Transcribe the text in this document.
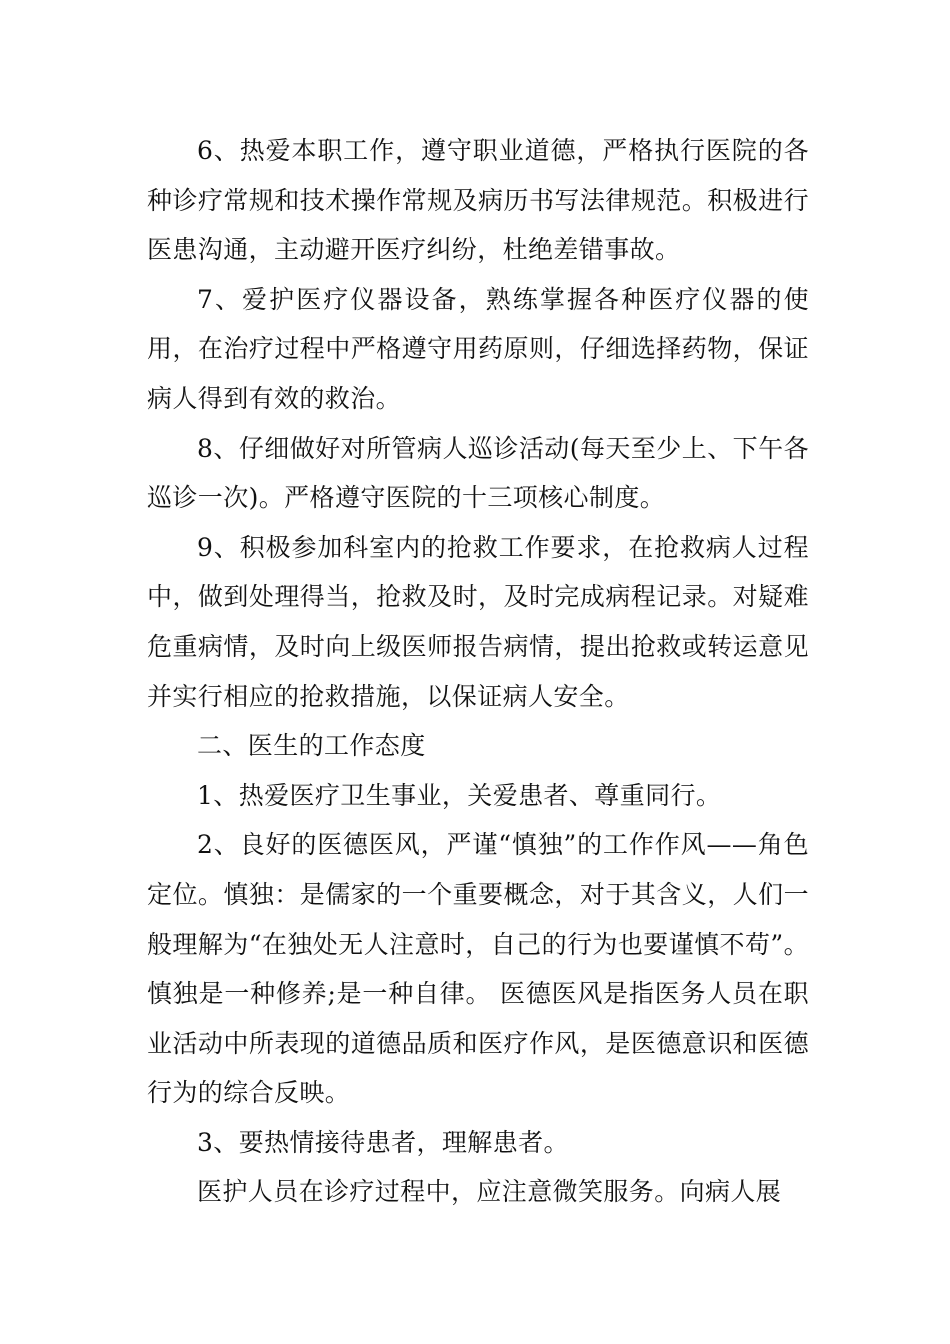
6、热爱本职工作，遵守职业道德，严格执行医院的各种诊疗常规和技术操作常规及病历书写法律规范。积极进行医患沟通，主动避开医疗纠纷，杜绝差错事故。

7、爱护医疗仪器设备，熟练掌握各种医疗仪器的使用，在治疗过程中严格遵守用药原则，仔细选择药物，保证病人得到有效的救治。

8、仔细做好对所管病人巡诊活动(每天至少上、下午各巡诊一次)。严格遵守医院的十三项核心制度。

9、积极参加科室内的抢救工作要求，在抢救病人过程中，做到处理得当，抢救及时，及时完成病程记录。对疑难危重病情，及时向上级医师报告病情，提出抢救或转运意见并实行相应的抢救措施，以保证病人安全。

二、医生的工作态度

1、热爱医疗卫生事业，关爱患者、尊重同行。

2、良好的医德医风，严谨“慎独”的工作作风——角色定位。慎独：是儒家的一个重要概念，对于其含义，人们一般理解为“在独处无人注意时，自己的行为也要谨慎不苟”。慎独是一种修养;是一种自律。 医德医风是指医务人员在职业活动中所表现的道德品质和医疗作风，是医德意识和医德行为的综合反映。

3、要热情接待患者，理解患者。

医护人员在诊疗过程中，应注意微笑服务。向病人展
